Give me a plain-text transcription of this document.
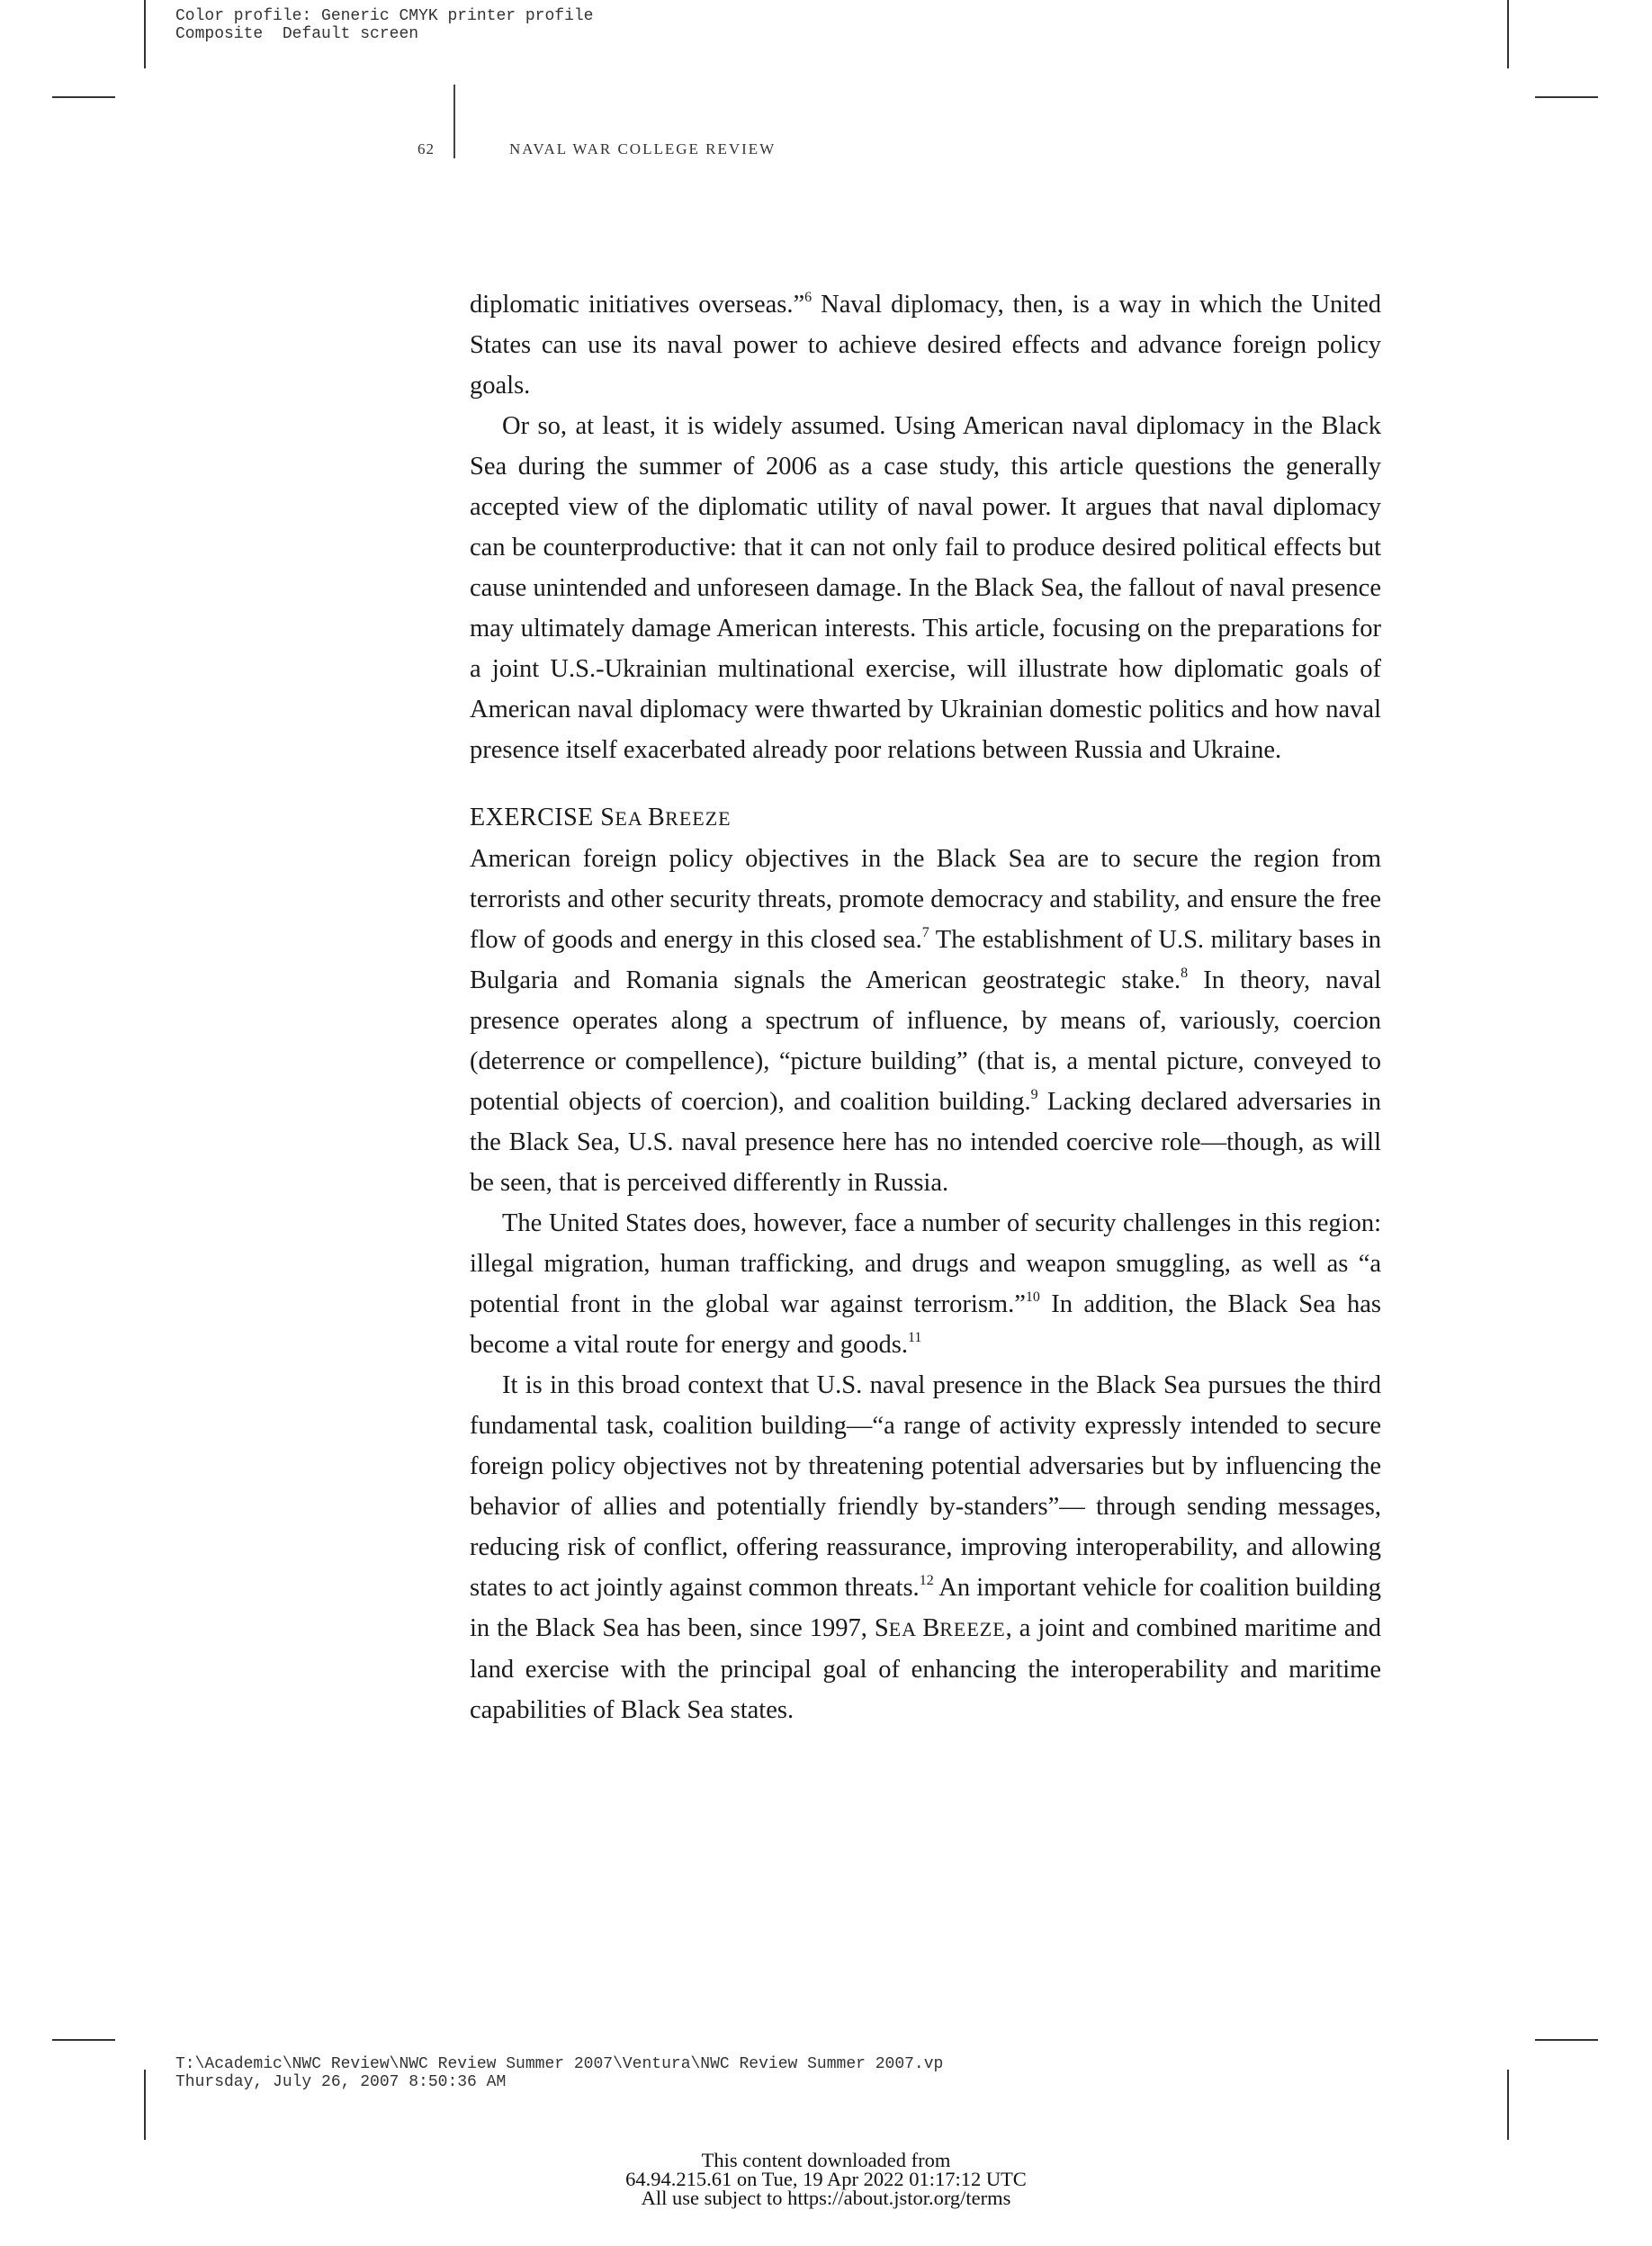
Color profile: Generic CMYK printer profile
Composite  Default screen
62	NAVAL WAR COLLEGE REVIEW

diplomatic initiatives overseas.”$^6$ Naval diplomacy, then, is a way in which the United States can use its naval power to achieve desired effects and advance foreign policy goals.

Or so, at least, it is widely assumed. Using American naval diplomacy in the Black Sea during the summer of 2006 as a case study, this article questions the generally accepted view of the diplomatic utility of naval power. It argues that naval diplomacy can be counterproductive: that it can not only fail to produce desired political effects but cause unintended and unforeseen damage. In the Black Sea, the fallout of naval presence may ultimately damage American interests. This article, focusing on the preparations for a joint U.S.-Ukrainian multinational exercise, will illustrate how diplomatic goals of American naval diplomacy were thwarted by Ukrainian domestic politics and how naval presence itself exacerbated already poor relations between Russia and Ukraine.

EXERCISE SEA BREEZE

American foreign policy objectives in the Black Sea are to secure the region from terrorists and other security threats, promote democracy and stability, and ensure the free flow of goods and energy in this closed sea.$^7$ The establishment of U.S. military bases in Bulgaria and Romania signals the American geostrategic stake.$^8$ In theory, naval presence operates along a spectrum of influence, by means of, variously, coercion (deterrence or compellence), “picture building” (that is, a mental picture, conveyed to potential objects of coercion), and coalition building.$^9$ Lacking declared adversaries in the Black Sea, U.S. naval presence here has no intended coercive role—though, as will be seen, that is perceived differently in Russia.

The United States does, however, face a number of security challenges in this region: illegal migration, human trafficking, and drugs and weapon smuggling, as well as “a potential front in the global war against terrorism.”$^{10}$ In addition, the Black Sea has become a vital route for energy and goods.$^{11}$

It is in this broad context that U.S. naval presence in the Black Sea pursues the third fundamental task, coalition building—“a range of activity expressly intended to secure foreign policy objectives not by threatening potential adversaries but by influencing the behavior of allies and potentially friendly by-standers”— through sending messages, reducing risk of conflict, offering reassurance, improving interoperability, and allowing states to act jointly against common threats.$^{12}$ An important vehicle for coalition building in the Black Sea has been, since 1997, SEA BREEZE, a joint and combined maritime and land exercise with the principal goal of enhancing the interoperability and maritime capabilities of Black Sea states.

T:\Academic\NWC Review\NWC Review Summer 2007\Ventura\NWC Review Summer 2007.vp
Thursday, July 26, 2007 8:50:36 AM
This content downloaded from
64.94.215.61 on Tue, 19 Apr 2022 01:17:12 UTC
All use subject to https://about.jstor.org/terms
